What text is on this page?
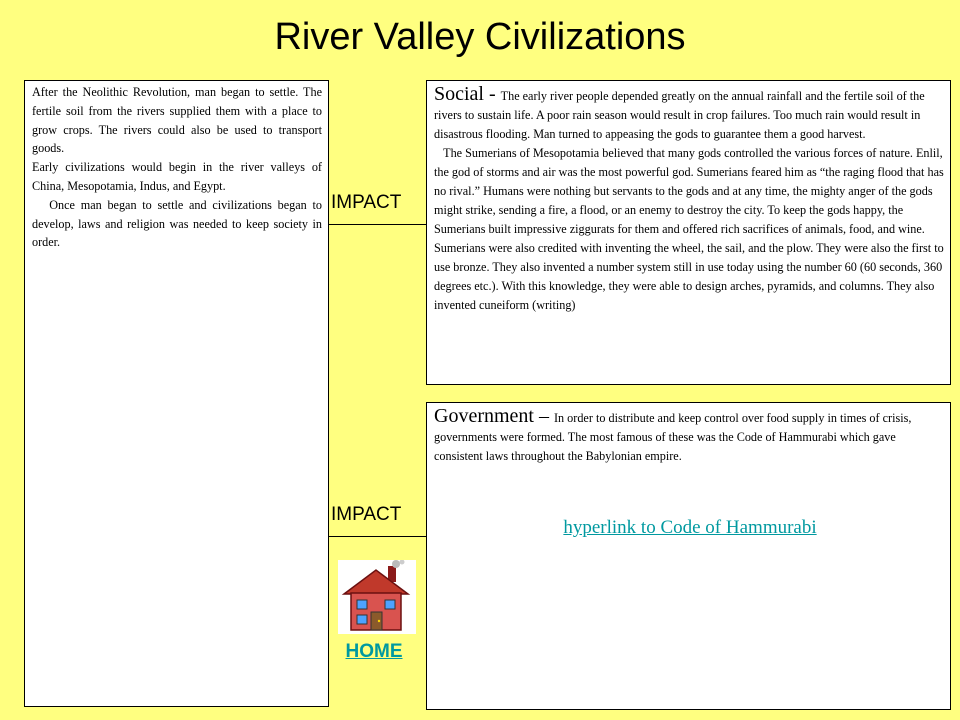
River Valley Civilizations

After the Neolithic Revolution, man began to settle. The fertile soil from the rivers supplied them with a place to grow crops. The rivers could also be used to transport goods.

Early civilizations would begin in the river valleys of China, Mesopotamia, Indus, and Egypt.

Once man began to settle and civilizations began to develop, laws and religion was needed to keep society in order.

IMPACT
IMPACT

Social - The early river people depended greatly on the annual rainfall and the fertile soil of the rivers to sustain life. A poor rain season would result in crop failures. Too much rain would result in disastrous flooding. Man turned to appeasing the gods to guarantee them a good harvest.

The Sumerians of Mesopotamia believed that many gods controlled the various forces of nature. Enlil, the god of storms and air was the most powerful god. Sumerians feared him as “the raging flood that has no rival.” Humans were nothing but servants to the gods and at any time, the mighty anger of the gods might strike, sending a fire, a flood, or an enemy to destroy the city. To keep the gods happy, the Sumerians built impressive ziggurats for them and offered rich sacrifices of animals, food, and wine. Sumerians were also credited with inventing the wheel, the sail, and the plow. They were also the first to use bronze. They also invented a number system still in use today using the number 60 (60 seconds, 360 degrees etc.). With this knowledge, they were able to design arches, pyramids, and columns. They also invented cuneiform (writing)

Government – In order to distribute and keep control over food supply in times of crisis, governments were formed. The most famous of these was the Code of Hammurabi which gave consistent laws throughout the Babylonian empire.

hyperlink to Code of Hammurabi
HOME
